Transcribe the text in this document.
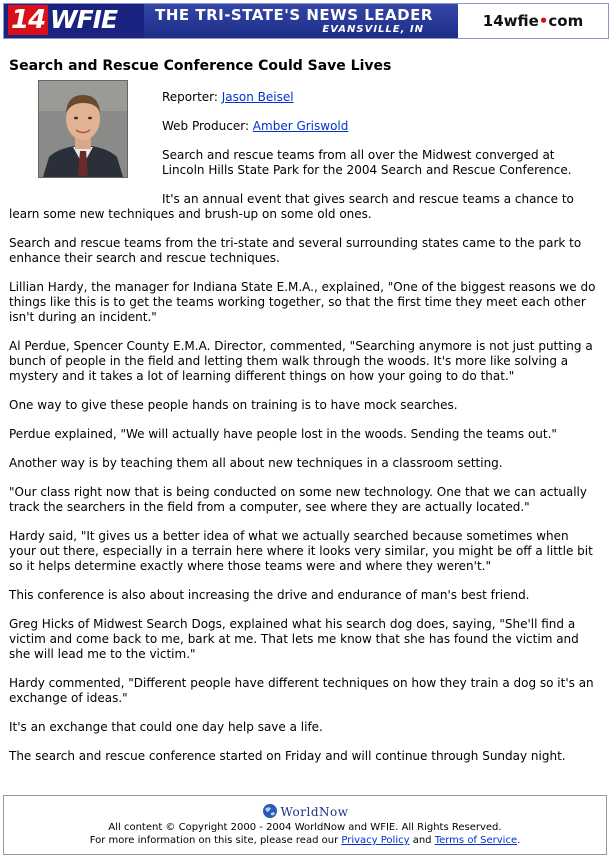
14 WFIE	THE TRI-STATE'S NEWS LEADER
EVANSVILLE, IN	14wfie•com
Search and Rescue Conference Could Save Lives

Reporter: Jason Beisel

Web Producer: Amber Griswold

Search and rescue teams from all over the Midwest converged at Lincoln Hills State Park for the 2004 Search and Rescue Conference.

It's an annual event that gives search and rescue teams a chance to learn some new techniques and brush-up on some old ones.

Search and rescue teams from the tri-state and several surrounding states came to the park to enhance their search and rescue techniques.

Lillian Hardy, the manager for Indiana State E.M.A., explained, "One of the biggest reasons we do things like this is to get the teams working together, so that the first time they meet each other isn't during an incident."

Al Perdue, Spencer County E.M.A. Director, commented, "Searching anymore is not just putting a bunch of people in the field and letting them walk through the woods. It's more like solving a mystery and it takes a lot of learning different things on how your going to do that."

One way to give these people hands on training is to have mock searches.

Perdue explained, "We will actually have people lost in the woods. Sending the teams out."

Another way is by teaching them all about new techniques in a classroom setting.

"Our class right now that is being conducted on some new technology. One that we can actually track the searchers in the field from a computer, see where they are actually located."

Hardy said, "It gives us a better idea of what we actually searched because sometimes when your out there, especially in a terrain here where it looks very similar, you might be off a little bit so it helps determine exactly where those teams were and where they weren't."

This conference is also about increasing the drive and endurance of man's best friend.

Greg Hicks of Midwest Search Dogs, explained what his search dog does, saying, "She'll find a victim and come back to me, bark at me. That lets me know that she has found the victim and she will lead me to the victim."

Hardy commented, "Different people have different techniques on how they train a dog so it's an exchange of ideas."

It's an exchange that could one day help save a life.

The search and rescue conference started on Friday and will continue through Sunday night.

WorldNow
All content © Copyright 2000 - 2004 WorldNow and WFIE. All Rights Reserved.
For more information on this site, please read our Privacy Policy and Terms of Service.
